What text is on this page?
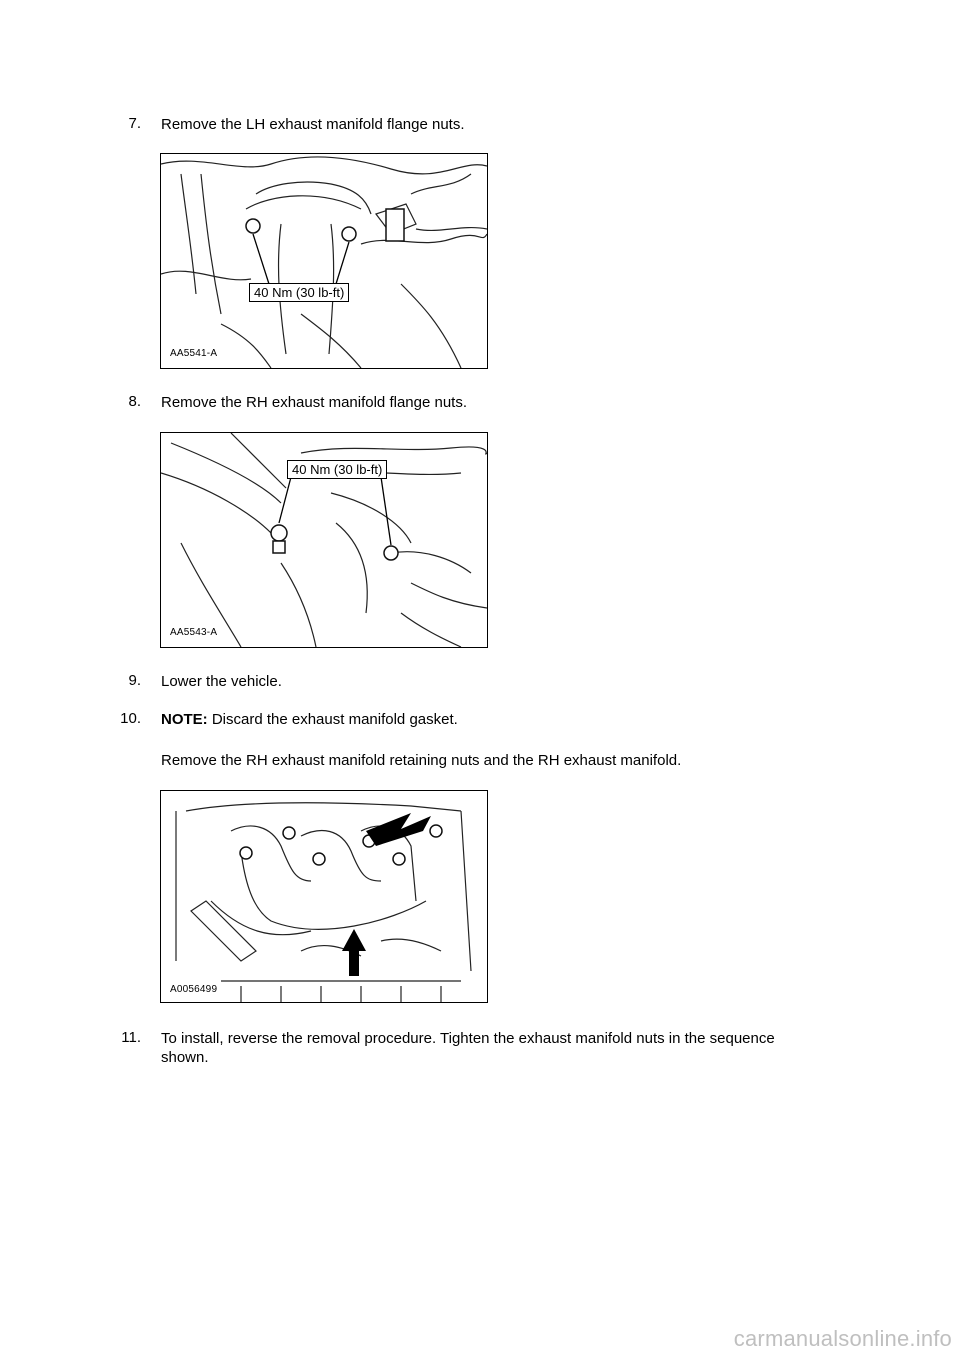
7. Remove the LH exhaust manifold flange nuts.
40 Nm (30 lb-ft)
AA5541-A
8. Remove the RH exhaust manifold flange nuts.
40 Nm (30 lb-ft)
AA5543-A
9. Lower the vehicle.
10. NOTE: Discard the exhaust manifold gasket.
Remove the RH exhaust manifold retaining nuts and the RH exhaust manifold.
A0056499
11. To install, reverse the removal procedure. Tighten the exhaust manifold nuts in the sequence
shown.
carmanualsonline.info
